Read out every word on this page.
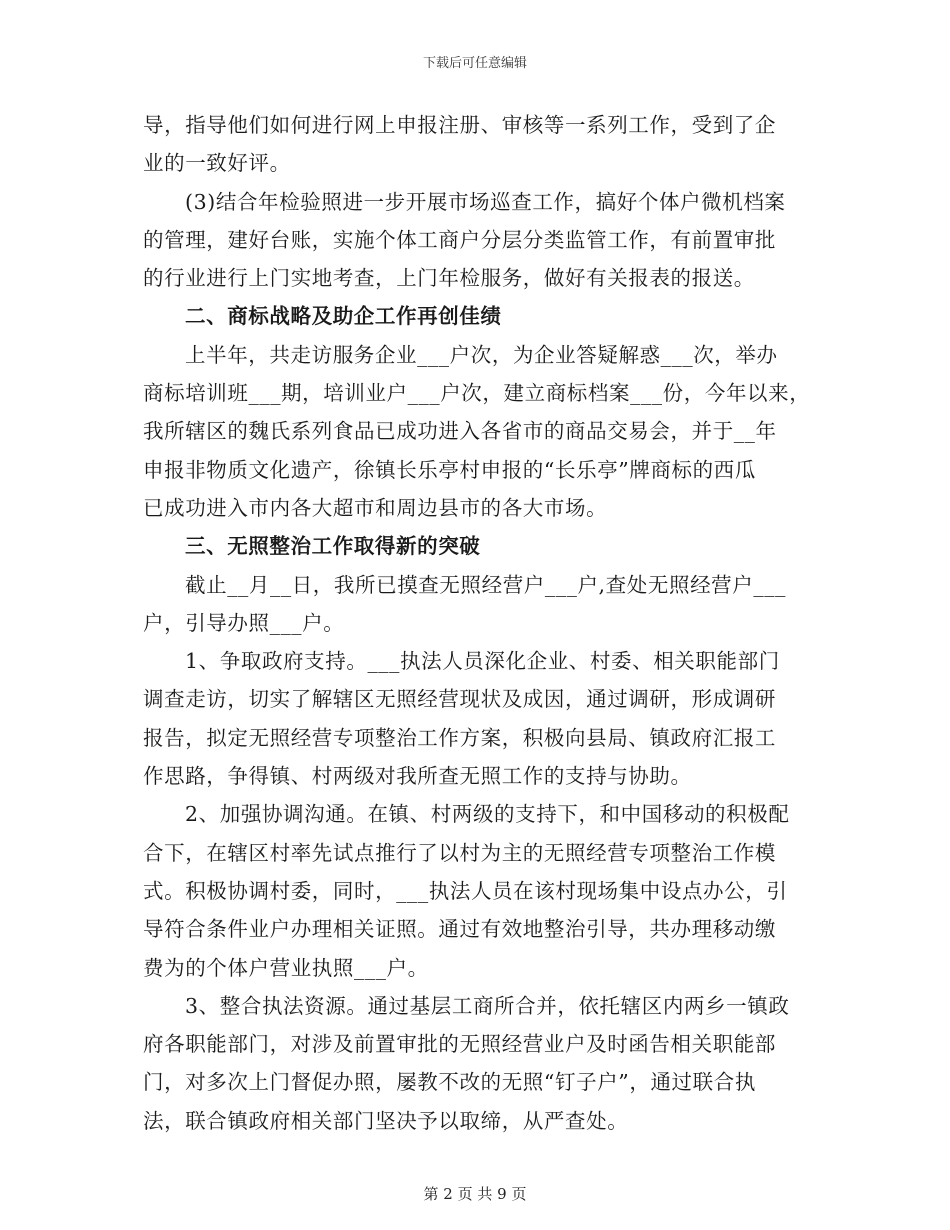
下载后可任意编辑
导，指导他们如何进行网上申报注册、审核等一系列工作，受到了企
业的一致好评。
(3)结合年检验照进一步开展市场巡查工作，搞好个体户微机档案
的管理，建好台账，实施个体工商户分层分类监管工作，有前置审批
的行业进行上门实地考查，上门年检服务，做好有关报表的报送。
二、商标战略及助企工作再创佳绩
上半年，共走访服务企业___户次，为企业答疑解惑___次，举办
商标培训班___期，培训业户___户次，建立商标档案___份，今年以来，
我所辖区的魏氏系列食品已成功进入各省市的商品交易会，并于__年
申报非物质文化遗产，徐镇长乐亭村申报的“长乐亭”牌商标的西瓜
已成功进入市内各大超市和周边县市的各大市场。
三、无照整治工作取得新的突破
截止__月__日，我所已摸查无照经营户___户,查处无照经营户___
户，引导办照___户。
1、争取政府支持。___执法人员深化企业、村委、相关职能部门
调查走访，切实了解辖区无照经营现状及成因，通过调研，形成调研
报告，拟定无照经营专项整治工作方案，积极向县局、镇政府汇报工
作思路，争得镇、村两级对我所查无照工作的支持与协助。
2、加强协调沟通。在镇、村两级的支持下，和中国移动的积极配
合下，在辖区村率先试点推行了以村为主的无照经营专项整治工作模
式。积极协调村委，同时，___执法人员在该村现场集中设点办公，引
导符合条件业户办理相关证照。通过有效地整治引导，共办理移动缴
费为的个体户营业执照___户。
3、整合执法资源。通过基层工商所合并，依托辖区内两乡一镇政
府各职能部门，对涉及前置审批的无照经营业户及时函告相关职能部
门，对多次上门督促办照，屡教不改的无照“钉子户”，通过联合执
法，联合镇政府相关部门坚决予以取缔，从严查处。
第 2 页 共 9 页
